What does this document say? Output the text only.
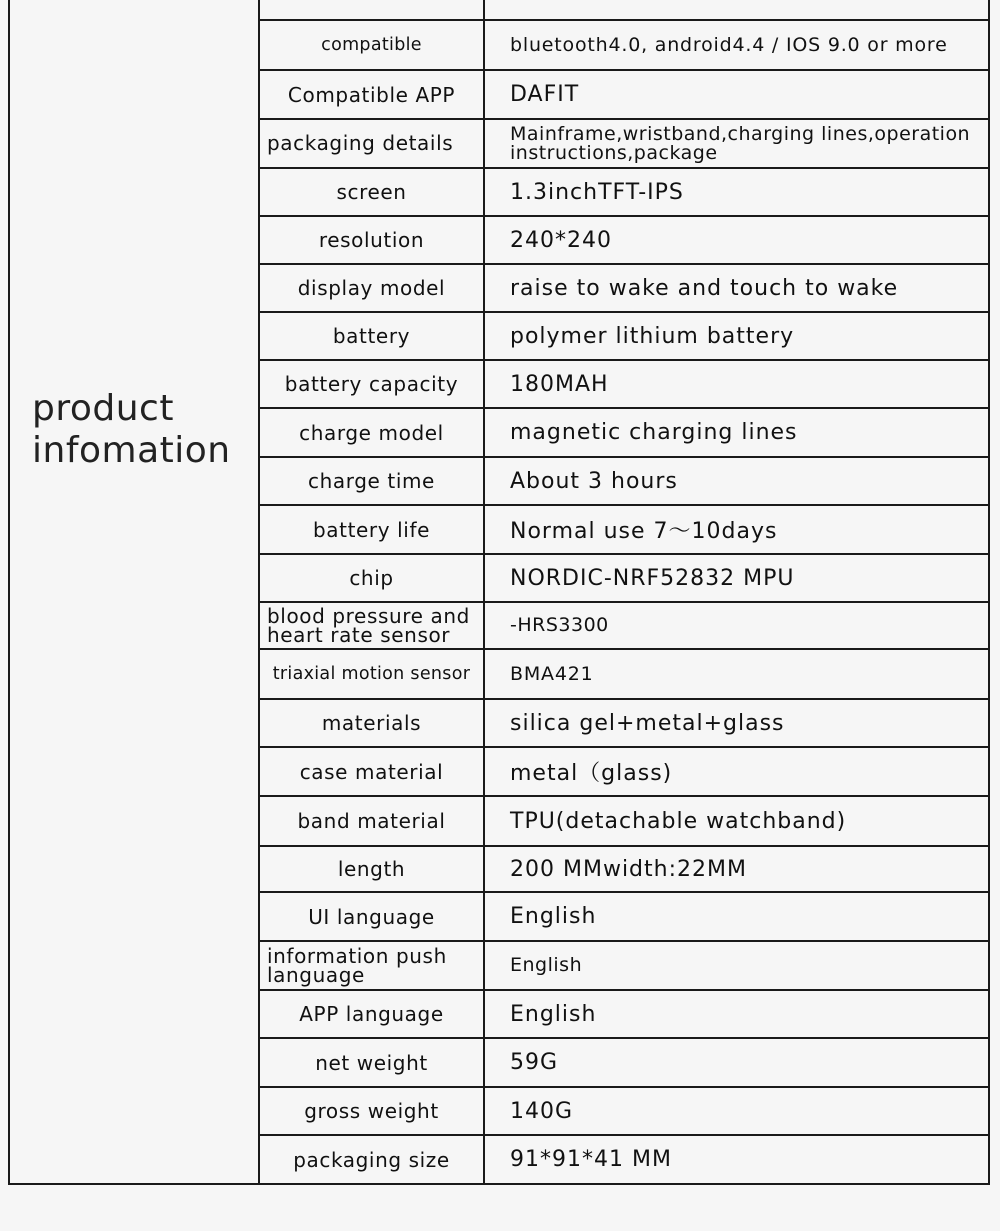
product
infomation
compatible	bluetooth4.0, android4.4 / IOS 9.0 or more
Compatible APP	DAFIT
packaging details	Mainframe,wristband,charging lines,operation instructions,package
screen	1.3inchTFT-IPS
resolution	240*240
display model	raise to wake and touch to wake
battery	polymer lithium battery
battery capacity	180MAH
charge model	magnetic charging lines
charge time	About 3 hours
battery life	Normal use 7～10days
chip	NORDIC-NRF52832 MPU
blood pressure and heart rate sensor	-HRS3300
triaxial motion sensor	BMA421
materials	silica gel+metal+glass
case material	metal（glass)
band material	TPU(detachable watchband)
length	200 MMwidth:22MM
UI language	English
information push language	English
APP language	English
net weight	59G
gross weight	140G
packaging size	91*91*41 MM
